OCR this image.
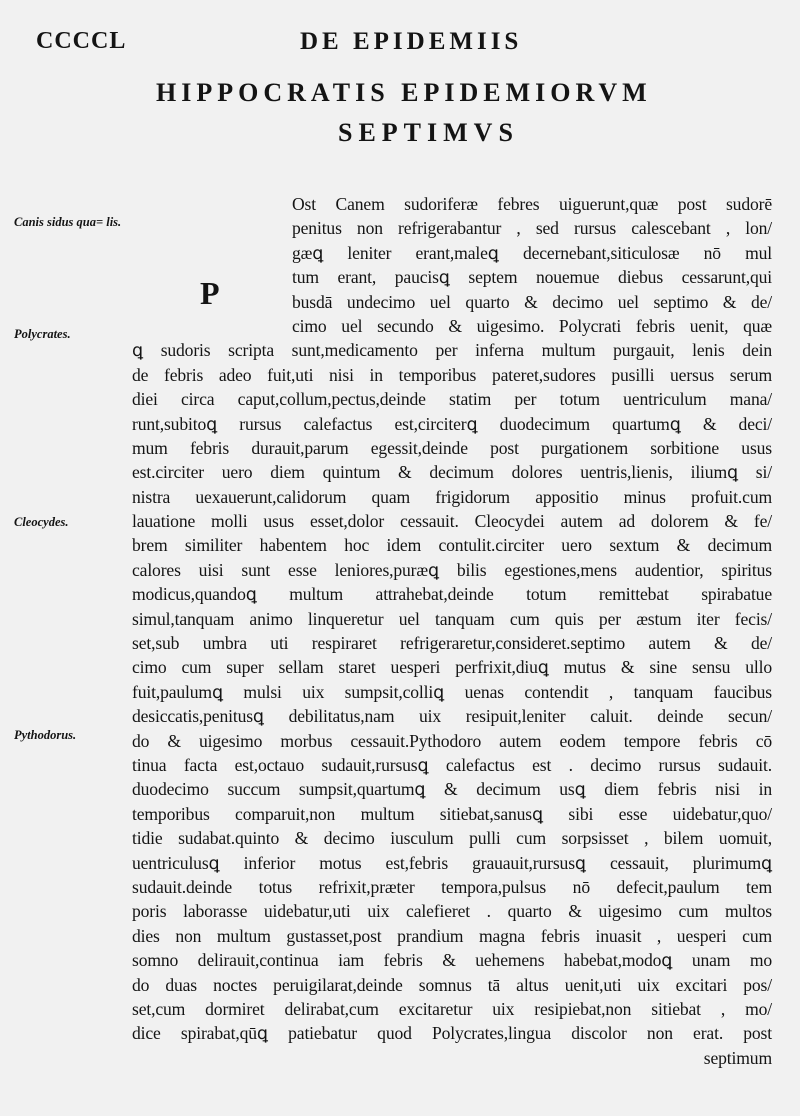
CCCCL	DE EPIDEMIIS
HIPPOCRATIS EPIDEMIORVM
SEPTIMVS
Canis sidus qua= lis.
Polycrates.
Cleocydes.
Pythodorus.
P
Ost Canem sudoriferæ febres uiguerunt,quæ post sudorē
penitus non refrigerabantur , sed rursus calescebant , lon/
gæꝗ leniter erant,maleꝗ decernebant,siticulosæ nō mul
tum erant, paucisꝗ septem nouemue diebus cessarunt,qui
busdā undecimo uel quarto & decimo uel septimo & de/
cimo uel secundo & uigesimo. Polycrati febris uenit, quæ
ꝗ sudoris scripta sunt,medicamento per inferna multum purgauit, lenis dein
de febris adeo fuit,uti nisi in temporibus pateret,sudores pusilli uersus serum
diei circa caput,collum,pectus,deinde statim per totum uentriculum mana/
runt,subitoꝗ rursus calefactus est,circiterꝗ duodecimum quartumꝗ & deci/
mum febris durauit,parum egessit,deinde post purgationem sorbitione usus
est.circiter uero diem quintum & decimum dolores uentris,lienis, iliumꝗ si/
nistra uexauerunt,calidorum quam frigidorum appositio minus profuit.cum
lauatione molli usus esset,dolor cessauit. Cleocydei autem ad dolorem & fe/
brem similiter habentem hoc idem contulit.circiter uero sextum & decimum
calores uisi sunt esse leniores,puræꝗ bilis egestiones,mens audentior, spiritus
modicus,quandoꝗ multum attrahebat,deinde totum remittebat spirabatue
simul,tanquam animo linqueretur uel tanquam cum quis per æstum iter fecis/
set,sub umbra uti respiraret refrigeraretur,consideret.septimo autem & de/
cimo cum super sellam staret uesperi perfrixit,diuꝗ mutus & sine sensu ullo
fuit,paulumꝗ mulsi uix sumpsit,colliꝗ uenas contendit , tanquam faucibus
desiccatis,penitusꝗ debilitatus,nam uix resipuit,leniter caluit. deinde secun/
do & uigesimo morbus cessauit.Pythodoro autem eodem tempore febris cō
tinua facta est,octauo sudauit,rursusꝗ calefactus est . decimo rursus sudauit.
duodecimo succum sumpsit,quartumꝗ & decimum usꝗ diem febris nisi in
temporibus comparuit,non multum sitiebat,sanusꝗ sibi esse uidebatur,quo/
tidie sudabat.quinto & decimo iusculum pulli cum sorpsisset , bilem uomuit,
uentriculusꝗ inferior motus est,febris grauauit,rursusꝗ cessauit, plurimumꝗ
sudauit.deinde totus refrixit,præter tempora,pulsus nō defecit,paulum tem
poris laborasse uidebatur,uti uix calefieret . quarto & uigesimo cum multos
dies non multum gustasset,post prandium magna febris inuasit , uesperi cum
somno delirauit,continua iam febris & uehemens habebat,modoꝗ unam mo
do duas noctes peruigilarat,deinde somnus tā altus uenit,uti uix excitari pos/
set,cum dormiret delirabat,cum excitaretur uix resipiebat,non sitiebat , mo/
dice spirabat,qūꝗ patiebatur quod Polycrates,lingua discolor non erat. post
septimum
